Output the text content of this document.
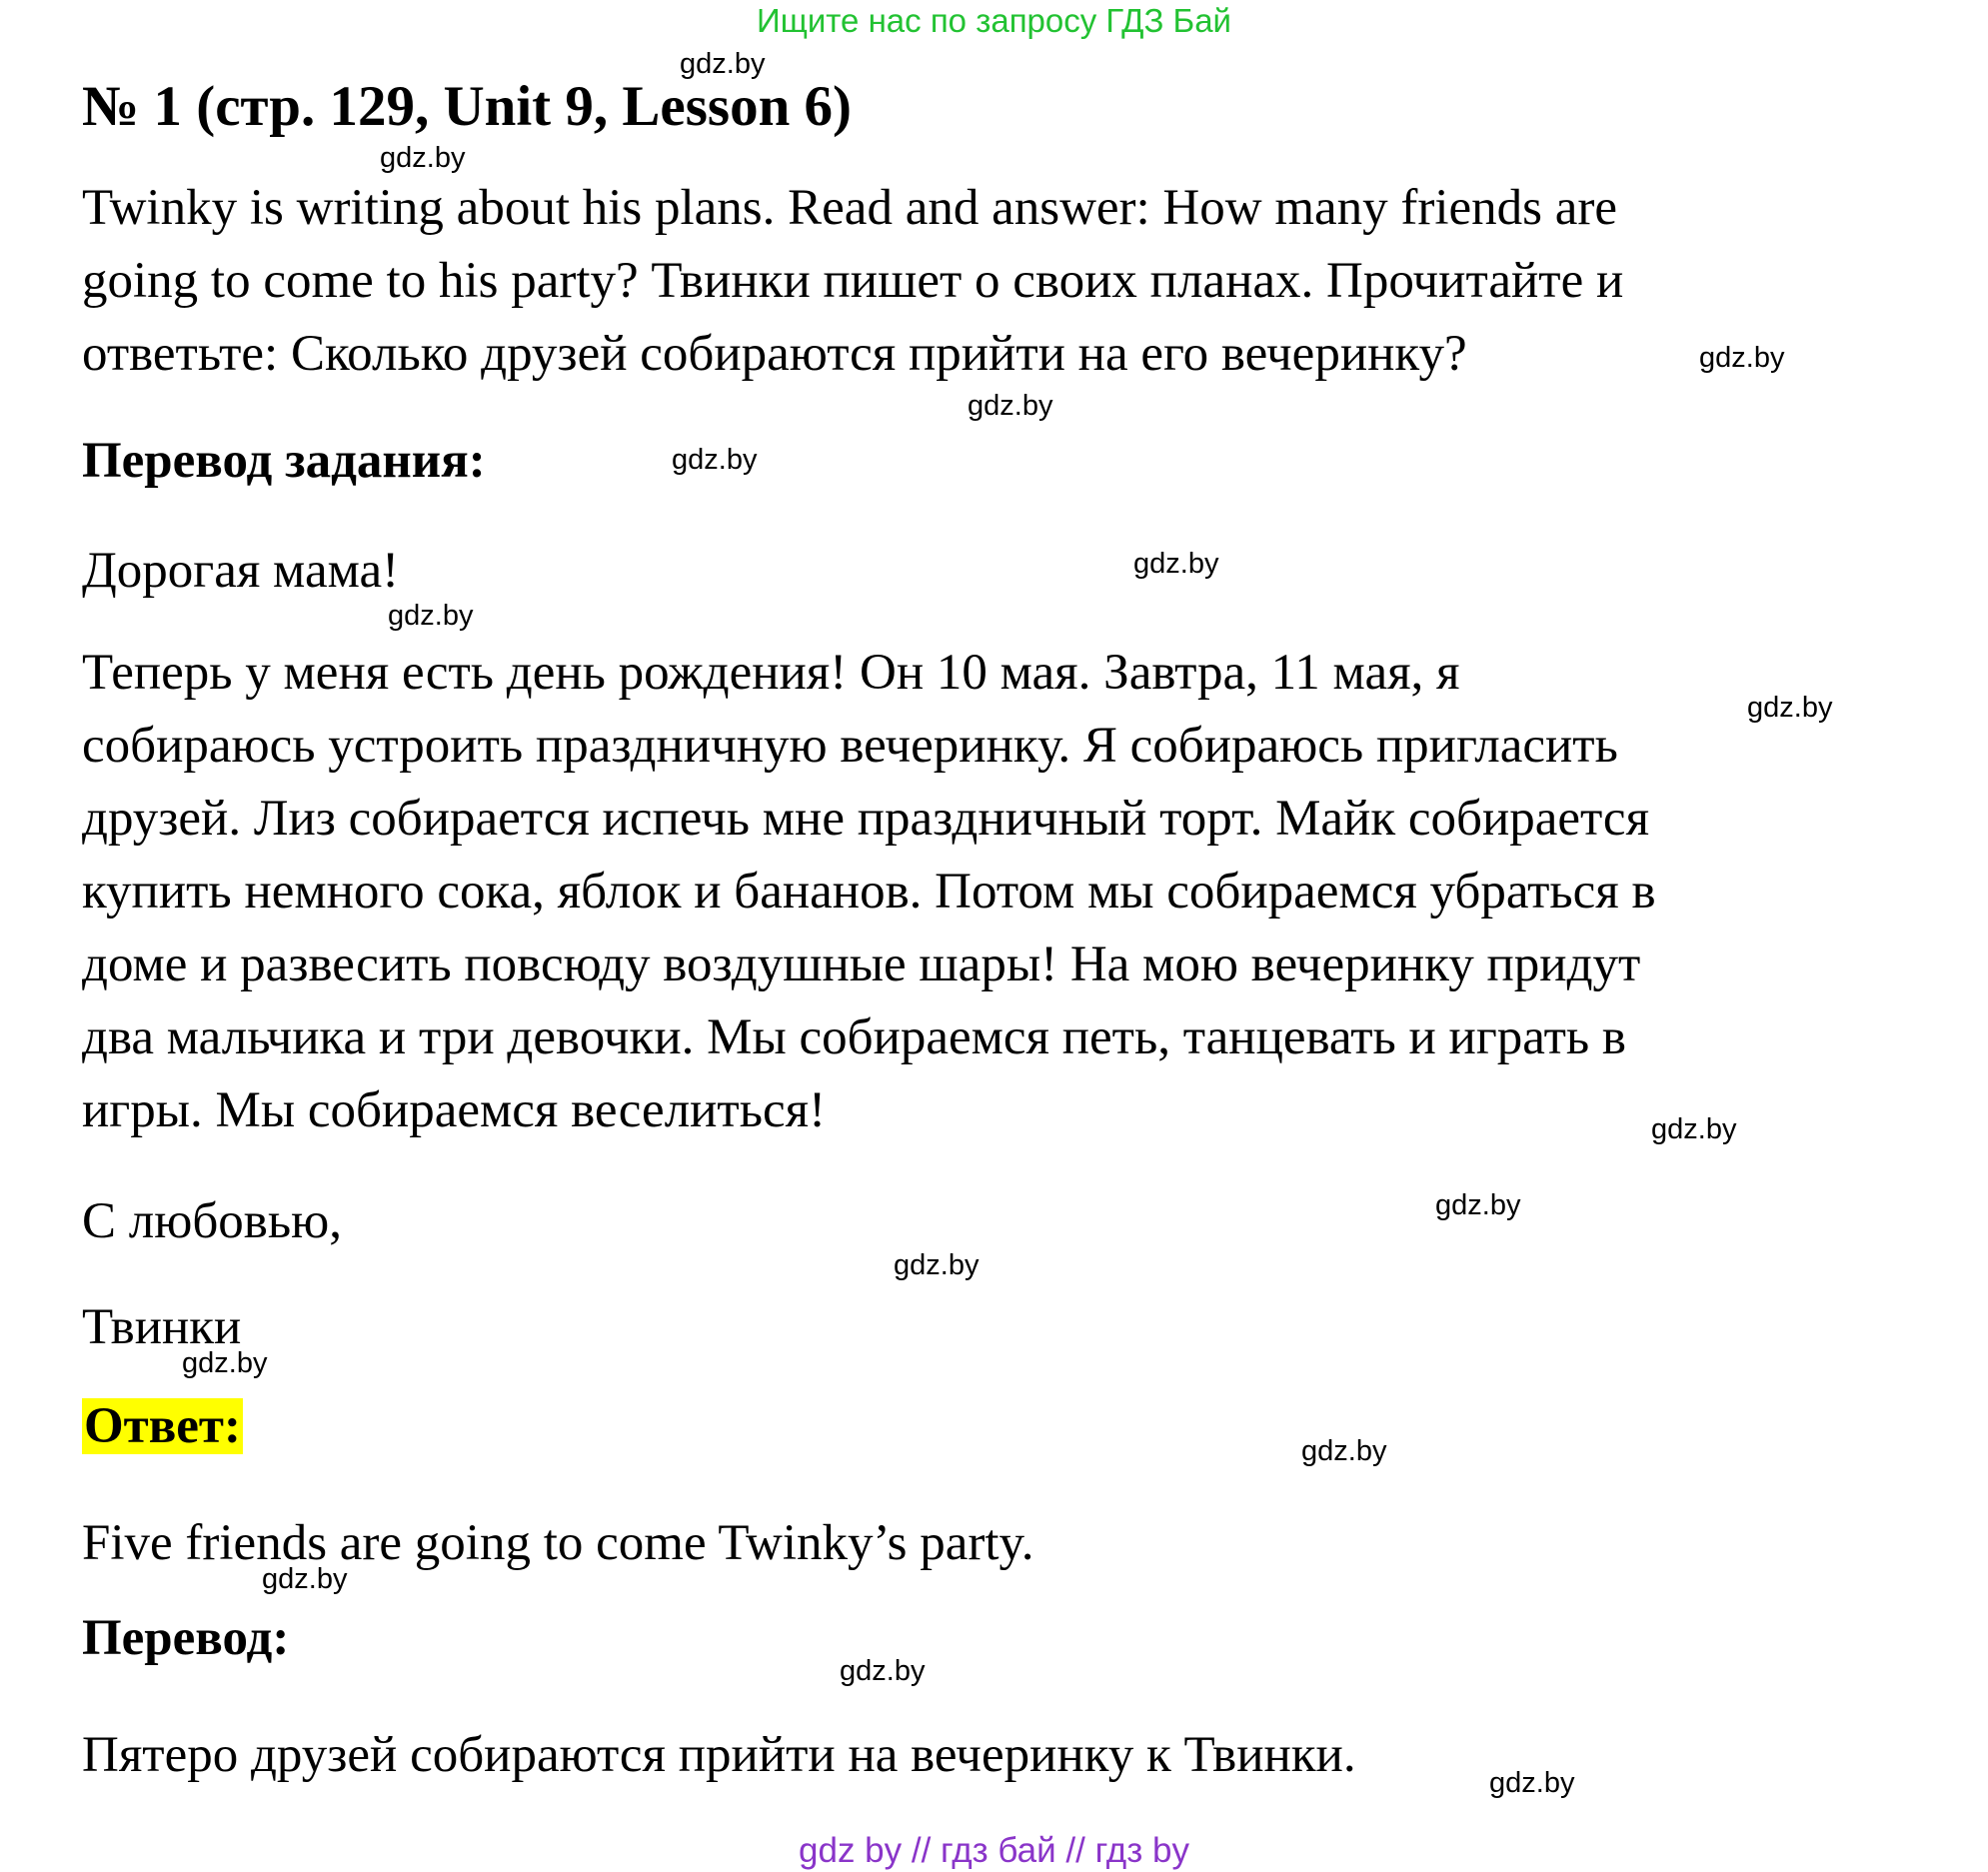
Ищите нас по запросу ГДЗ Бай
№ 1 (стр. 129, Unit 9, Lesson 6)
Twinky is writing about his plans. Read and answer: How many friends are
going to come to his party? Твинки пишет о своих планах. Прочитайте и
ответьте: Сколько друзей собираются прийти на его вечеринку?
Перевод задания:
Дорогая мама!
Теперь у меня есть день рождения! Он 10 мая. Завтра, 11 мая, я
собираюсь устроить праздничную вечеринку. Я собираюсь пригласить
друзей. Лиз собирается испечь мне праздничный торт. Майк собирается
купить немного сока, яблок и бананов. Потом мы собираемся убраться в
доме и развесить повсюду воздушные шары! На мою вечеринку придут
два мальчика и три девочки. Мы собираемся петь, танцевать и играть в
игры. Мы собираемся веселиться!
С любовью,
Твинки
Ответ:
Five friends are going to come Twinky’s party.
Перевод:
Пятеро друзей собираются прийти на вечеринку к Твинки.
gdz.by
gdz.by
gdz.by
gdz.by
gdz.by
gdz.by
gdz.by
gdz.by
gdz.by
gdz.by
gdz.by
gdz.by
gdz.by
gdz.by
gdz.by
gdz.by
gdz by // гдз бай // гдз by
